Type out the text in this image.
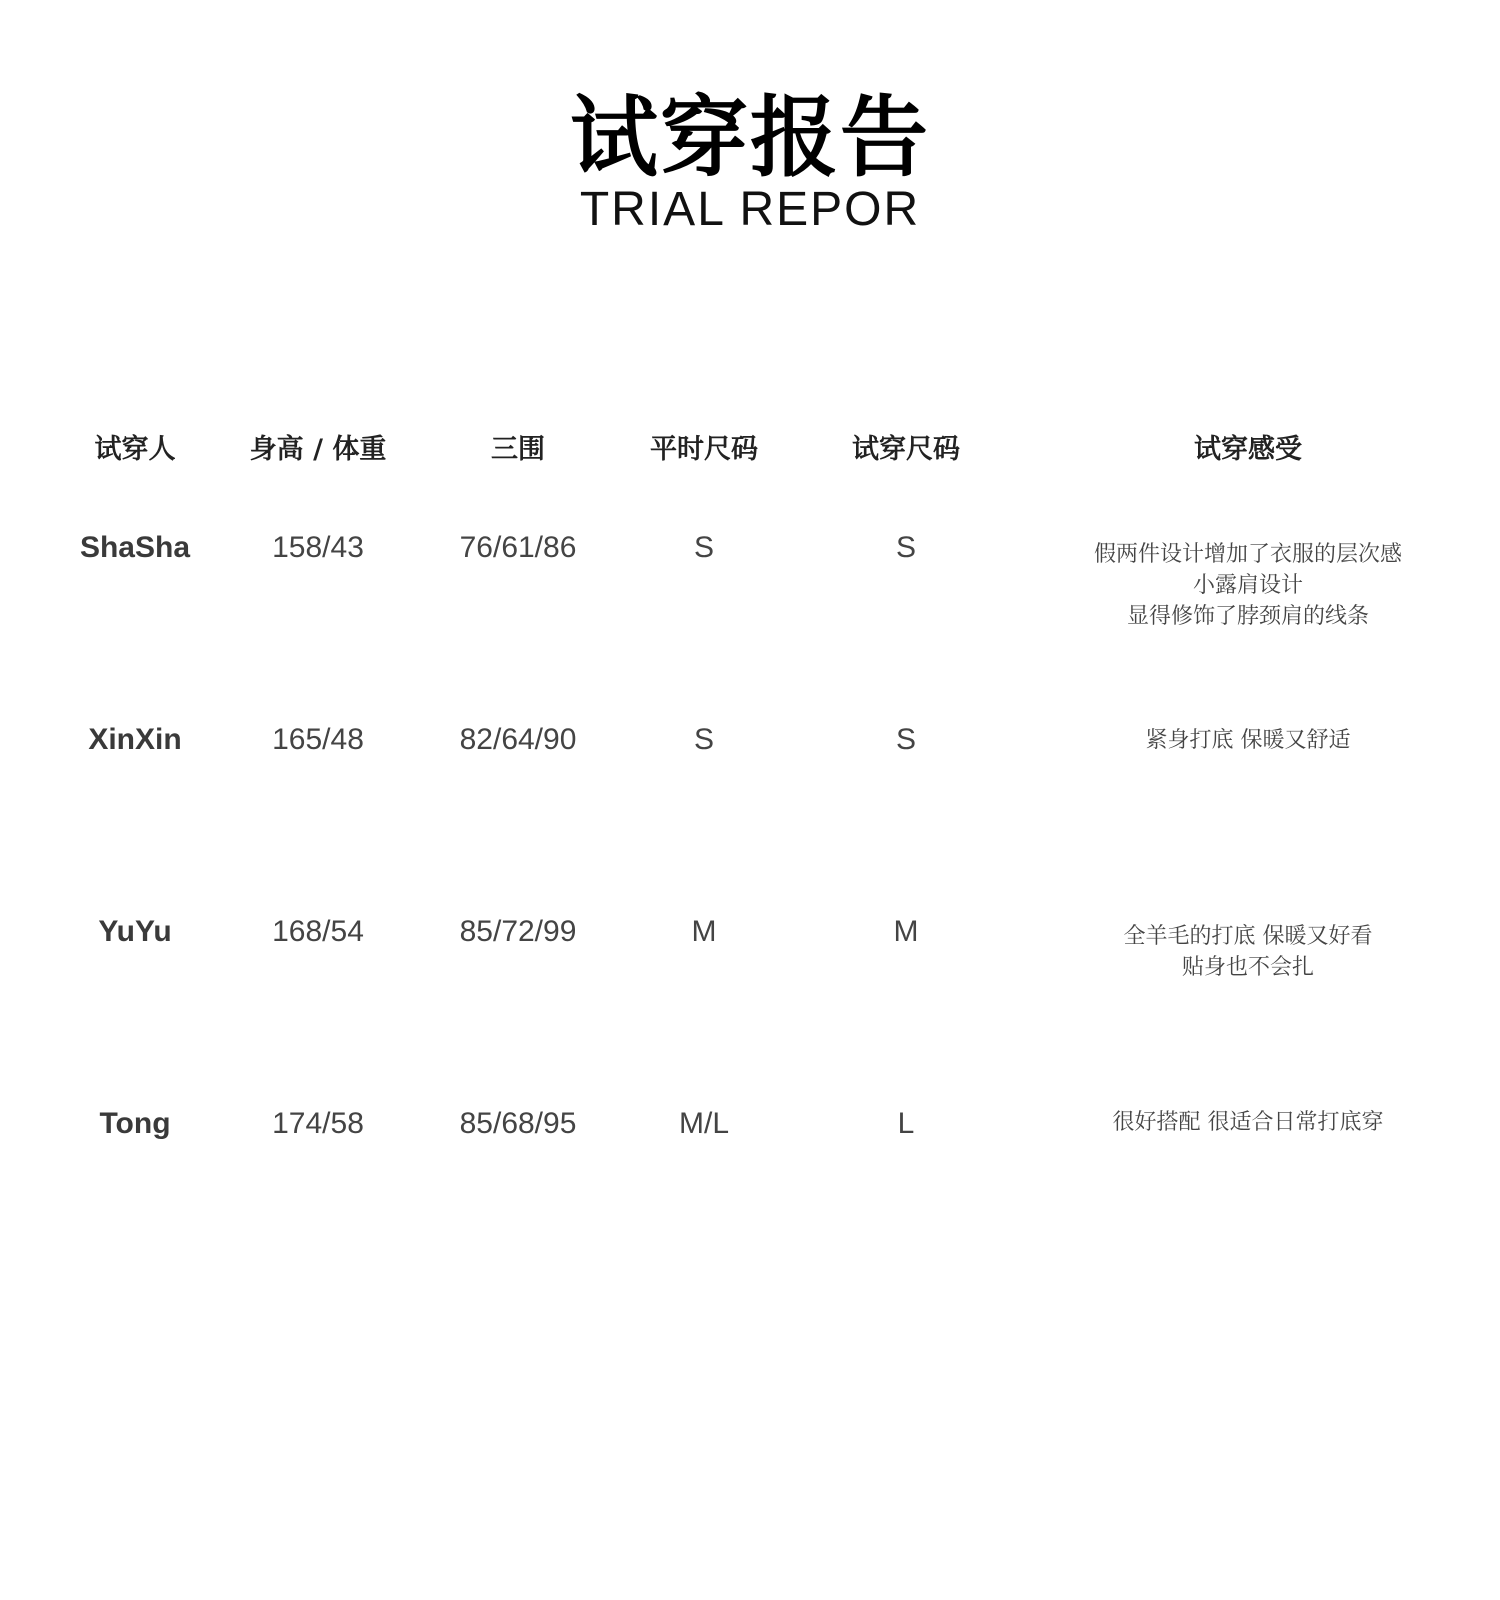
试穿报告
TRIAL REPOR
试穿人	身高 / 体重	三围	平时尺码	试穿尺码	试穿感受
ShaSha	158/43	76/61/86	S	S	假两件设计增加了衣服的层次感
小露肩设计
显得修饰了脖颈肩的线条
XinXin	165/48	82/64/90	S	S	紧身打底 保暖又舒适
YuYu	168/54	85/72/99	M	M	全羊毛的打底 保暖又好看
贴身也不会扎
Tong	174/58	85/68/95	M/L	L	很好搭配 很适合日常打底穿
